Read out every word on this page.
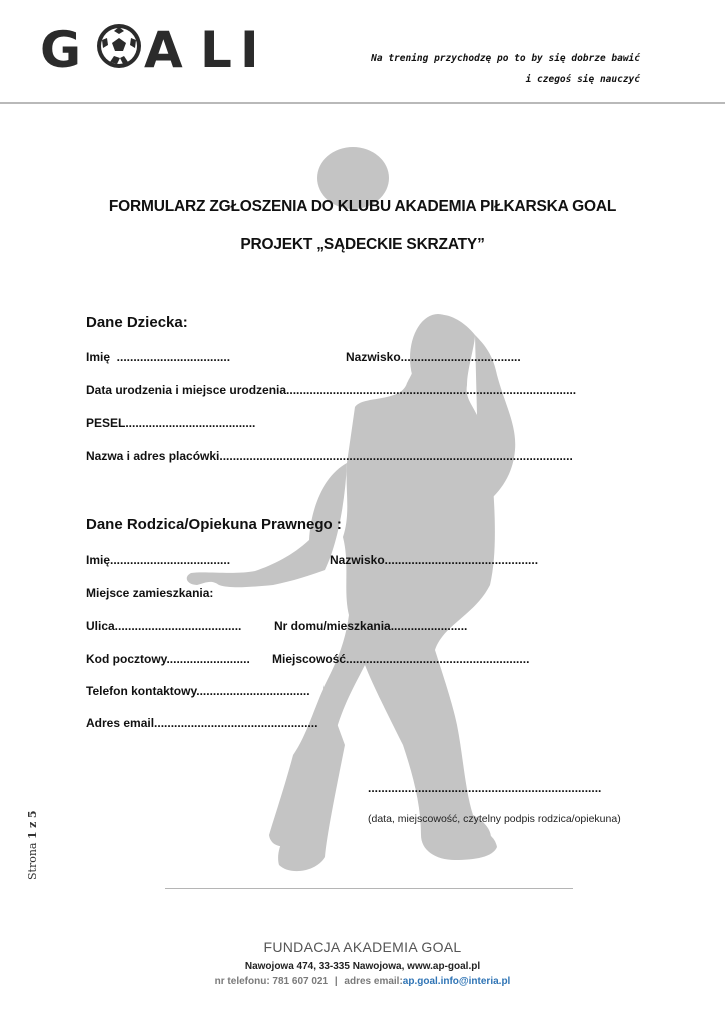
G A L I	Na trening przychodzę po to by się dobrze bawić
i czegoś się nauczyć
FORMULARZ ZGŁOSZENIA DO KLUBU AKADEMIA PIŁKARSKA GOAL
PROJEKT „SĄDECKIE SKRZATY”
Dane Dziecka:
Imię  ..................................	Nazwisko....................................
Data urodzenia i miejsce urodzenia.......................................................................................
PESEL.......................................
Nazwa i adres placówki..........................................................................................................
Dane Rodzica/Opiekuna Prawnego :
Imię....................................	Nazwisko..............................................
Miejsce zamieszkania:
Ulica......................................	Nr domu/mieszkania.......................
Kod pocztowy......................... Miejscowość.......................................................
Telefon kontaktowy..................................
Adres email.................................................
......................................................................
(data, miejscowość, czytelny podpis rodzica/opiekuna)
Strona 1 z 5
FUNDACJA AKADEMIA GOAL
Nawojowa 474, 33-335 Nawojowa, www.ap-goal.pl
nr telefonu: 781 607 021 | adres email:ap.goal.info@interia.pl
